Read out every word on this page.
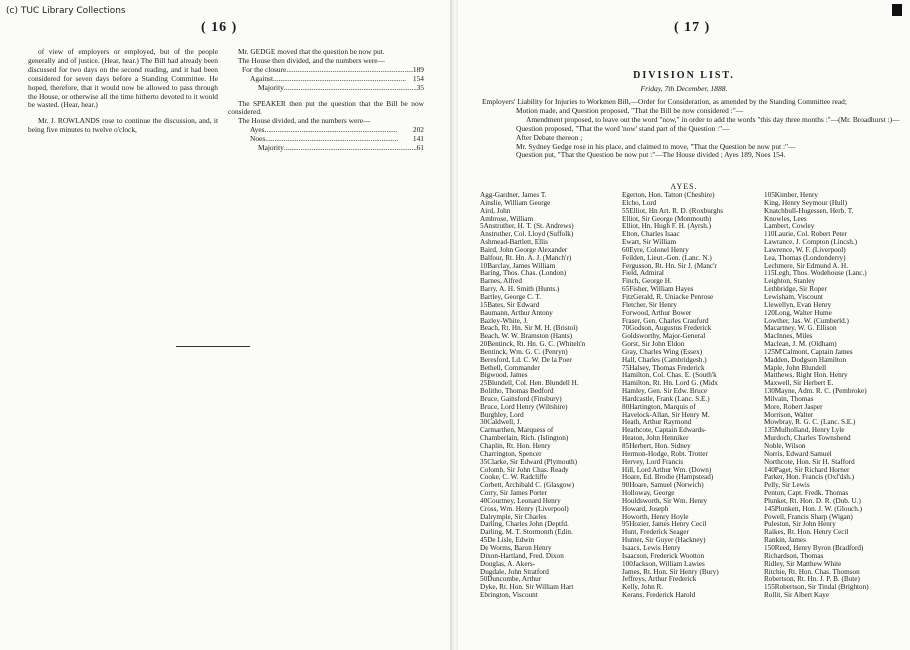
( 16 )

of view of employers or employed, but of the people generally and of justice. (Hear, hear.) The Bill had already been discussed for two days on the second reading, and it had been considered for seven days before a Standing Committee. He hoped, therefore, that it would now be allowed to pass through the House, or otherwise all the time hitherto devoted to it would be wasted. (Hear, hear.)

Mr. J. ROWLANDS rose to continue the discussion, and, it being five minutes to twelve o'clock,

Mr. GEDGE moved that the question be now put.

The House then divided, and the numbers were—

For the closure .....	189
Against .....	154
Majority .....	35

The SPEAKER then put the question that the Bill be now considered.

The House divided, and the numbers were—

Ayes .....	202
Noes .....	141
Majority .....	61
( 17 )
DIVISION LIST.
Friday, 7th December, 1888.

Employers' Liability for Injuries to Workmen Bill,—Order for Consideration, as amended by the Standing Committee read;

Motion made, and Question proposed, "That the Bill be now considered :"—

Amendment proposed, to leave out the word "now," in order to add the words "this day three months :"—(Mr. Broadhurst :)—

Question proposed, "That the word 'now' stand part of the Question :"—

After Debate thereon ;

Mr. Sydney Gedge rose in his place, and claimed to move, "That the Question be now put :"—

Question put, "That the Question be now put :"—The House divided ; Ayes 189, Noes 154.

AYES.
Agg-Gardner, James T.
Ainslie, William George
Aird, John
Ambrose, William
5Anstruther, H. T. (St. Andrews)
Anstruther, Col. Lloyd (Suffolk)
Ashmead-Bartlett, Ellis
Baird, John George Alexander
Balfour, Rt. Hn. A. J. (Manch'r)
10Barclay, James William
Baring, Thos. Chas. (London)
Barnes, Alfred
Barry, A. H. Smith (Hunts.)
Bartley, George C. T.
15Bates, Sir Edward
Baumann, Arthur Antony
Bazley-White, J.
Beach, Rt. Hn. Sir M. H. (Bristol)
Beach, W. W. Bramston (Hants)
20Bentinck, Rt. Hn. G. C. (Whiteh'n
Bentinck, Wm. G. C. (Penryn)
Beresford, Ld. C. W. De la Poer
Bethell, Commander
Bigwood, James
25Blundell, Col. Hen. Blundell H.
Bolitho, Thomas Bedford
Bruce, Gainsford (Finsbury)
Bruce, Lord Henry (Wiltshire)
Burghley, Lord
30Caldwell, J.
Carmarthen, Marquess of
Chamberlain, Rich. (Islington)
Chaplin, Rt. Hon. Henry
Charrington, Spencer
35Clarke, Sir Edward (Plymouth)
Colomb, Sir John Chas. Ready
Cooke, C. W. Radcliffe
Corbett, Archibald C. (Glasgow)
Corry, Sir James Porter
40Courtney, Leonard Henry
Cross, Wm. Henry (Liverpool)
Dalrymple, Sir Charles
Darling, Charles John (Deptfd.
Darling, M. T. Stormonth (Edin.
45De Lisle, Edwin
De Worms, Baron Henry
Dixon-Hartland, Fred. Dixon
Douglas, A. Akers-
Dugdale, John Stratford
50Duncombe, Arthur
Dyke, Rt. Hon. Sir William Hart
Ebrington, Viscount
Egerton, Hon. Tatton (Cheshire)
Elcho, Lord
55Elliot, Hn Art. R. D. (Roxburghs
Elliot, Sir George (Monmouth)
Elliot, Hn. Hugh F. H. (Ayrsh.)
Elton, Charles Isaac
Ewart, Sir William
60Eyre, Colonel Henry
Feilden, Lieut.-Gen. (Lanc. N.)
Fergusson, Rt. Hn. Sir J. (Manc'r
Field, Admiral
Finch, George H.
65Fisher, William Hayes
FitzGerald, R. Uniacke Penrose
Fletcher, Sir Henry
Forwood, Arthur Bower
Fraser, Gen. Charles Craufurd
70Godson, Augustus Frederick
Goldsworthy, Major-General
Gorst, Sir John Eldon
Gray, Charles Wing (Essex)
Hall, Charles (Cambridgesh.)
75Halsey, Thomas Frederick
Hamilton, Col. Chas. E. (South'k
Hamilton, Rt. Hn. Lord G. (Midx
Hamley, Gen. Sir Edw. Bruce
Hardcastle, Frank (Lanc. S.E.)
80Hartington, Marquis of
Havelock-Allan, Sir Henry M.
Heath, Arthur Raymond
Heathcote, Captain Edwards-
Heaton, John Henniker
85Herbert, Hon. Sidney
Hermon-Hodge, Robt. Trotter
Hervey, Lord Francis
Hill, Lord Arthur Wm. (Down)
Hoare, Ed. Brodie (Hampstead)
90Hoare, Samuel (Norwich)
Holloway, George
Houldsworth, Sir Wm. Henry
Howard, Joseph
Howorth, Henry Hoyle
95Hozier, James Henry Cecil
Hunt, Frederick Seager
Hunter, Sir Guyer (Hackney)
Isaacs, Lewis Henry
Isaacson, Frederick Wootton
100Jackson, William Lawies
James, Rt. Hon. Sir Henry (Bury)
Jeffreys, Arthur Frederick
Kelly, John R.
Kerans, Frederick Harold
105Kimber, Henry
King, Henry Seymour (Hull)
Knatchbull-Hugessen, Herb. T.
Knowles, Lees
Lambert, Cowley
110Laurie, Col. Robert Peter
Lawrance, J. Compton (Lincsh.)
Lawrence, W. F. (Liverpool)
Lea, Thomas (Londonderry)
Lechmere, Sir Edmund A. H.
115Legh, Thos. Wodehouse (Lanc.)
Leighton, Stanley
Lethbridge, Sir Roper
Lewisham, Viscount
Llewellyn, Evan Henry
120Long, Walter Hume
Lowther, Jas. W. (Cumberld.)
Macartney, W. G. Ellison
MacInnes, Miles
Maclean, J. M. (Oldham)
125M'Calmont, Captain James
Madden, Dodgson Hamilton
Maple, John Blundell
Matthews, Right Hon. Henry
Maxwell, Sir Herbert E.
130Mayne, Adm. R. C. (Pembroke)
Milvain, Thomas
More, Robert Jasper
Morrison, Walter
Mowbray, R. G. C. (Lanc. S.E.)
135Mulholland, Henry Lyle
Murdoch, Charles Townshend
Noble, Wilson
Norris, Edward Samuel
Northcote, Hon. Sir H. Stafford
140Paget, Sir Richard Horner
Parker, Hon. Francis (Oxf'dsh.)
Pelly, Sir Lewis
Penton, Capt. Fredk. Thomas
Plunket, Rt. Hon. D. R. (Dub. U.)
145Plunkett, Hon. J. W. (Glouch.)
Powell, Francis Sharp (Wigan)
Puleston, Sir John Henry
Raikes, Rt. Hon. Henry Cecil
Rankin, James
150Reed, Henry Byron (Bradford)
Richardson, Thomas
Ridley, Sir Matthew White
Ritchie, Rt. Hon. Chas. Thomson
Robertson, Rt. Hn. J. P. B. (Bute)
155Robertson, Sir Tindal (Brighton)
Rollit, Sir Albert Kaye
(c) TUC Library Collections
